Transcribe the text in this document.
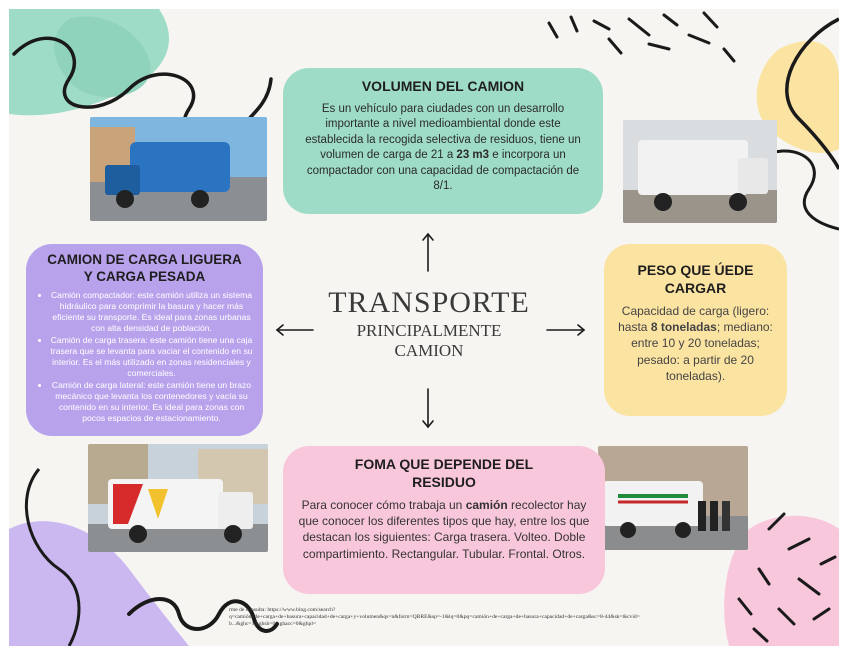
VOLUMEN DEL CAMION

Es un vehículo para ciudades con un desarrollo importante a nivel medioambiental donde este establecida la recogida selectiva de residuos, tiene un volumen de carga de 21 a 23 m3 e incorpora un compactador con una capacidad de compactación de 8/1.

CAMION DE CARGA LIGUERA
Y CARGA PESADA
• Camión compactador: este camión utiliza un sistema hidráulico para comprimir la basura y hacer más eficiente su transporte. Es ideal para zonas urbanas con alta densidad de población.
• Camión de carga trasera: este camión tiene una caja trasera que se levanta para vaciar el contenido en su interior. Es el más utilizado en zonas residenciales y comerciales.
• Camión de carga lateral: este camión tiene un brazo mecánico que levanta los contenedores y vacía su contenido en su interior. Es ideal para zonas con pocos espacios de estacionamiento.
PESO QUE ÚEDE
CARGAR

Capacidad de carga (ligero: hasta 8 toneladas; mediano: entre 10 y 20 toneladas; pesado: a partir de 20 toneladas).

FOMA QUE DEPENDE DEL
RESIDUO

Para conocer cómo trabaja un camión recolector hay que conocer los diferentes tipos que hay, entre los que destacan los siguientes: Carga trasera. Volteo. Doble compartimiento. Rectangular. Tubular. Frontal. Otros.

TRANSPORTE
PRINCIPALMENTE
CAMION
rme de consulta: https://www.bing.com/search?
q=camión+de+carga+de+basura+capacidad+de+carga+y+volumen&qs=n&form=QBRE&sp=-1&lq=0&pq=camión+de+carga+de+basura+capacidad+de+carga&sc=8-44&sk=&cvid=
b...&ghc=1&ghsh=0&ghacc=0&ghpl=
